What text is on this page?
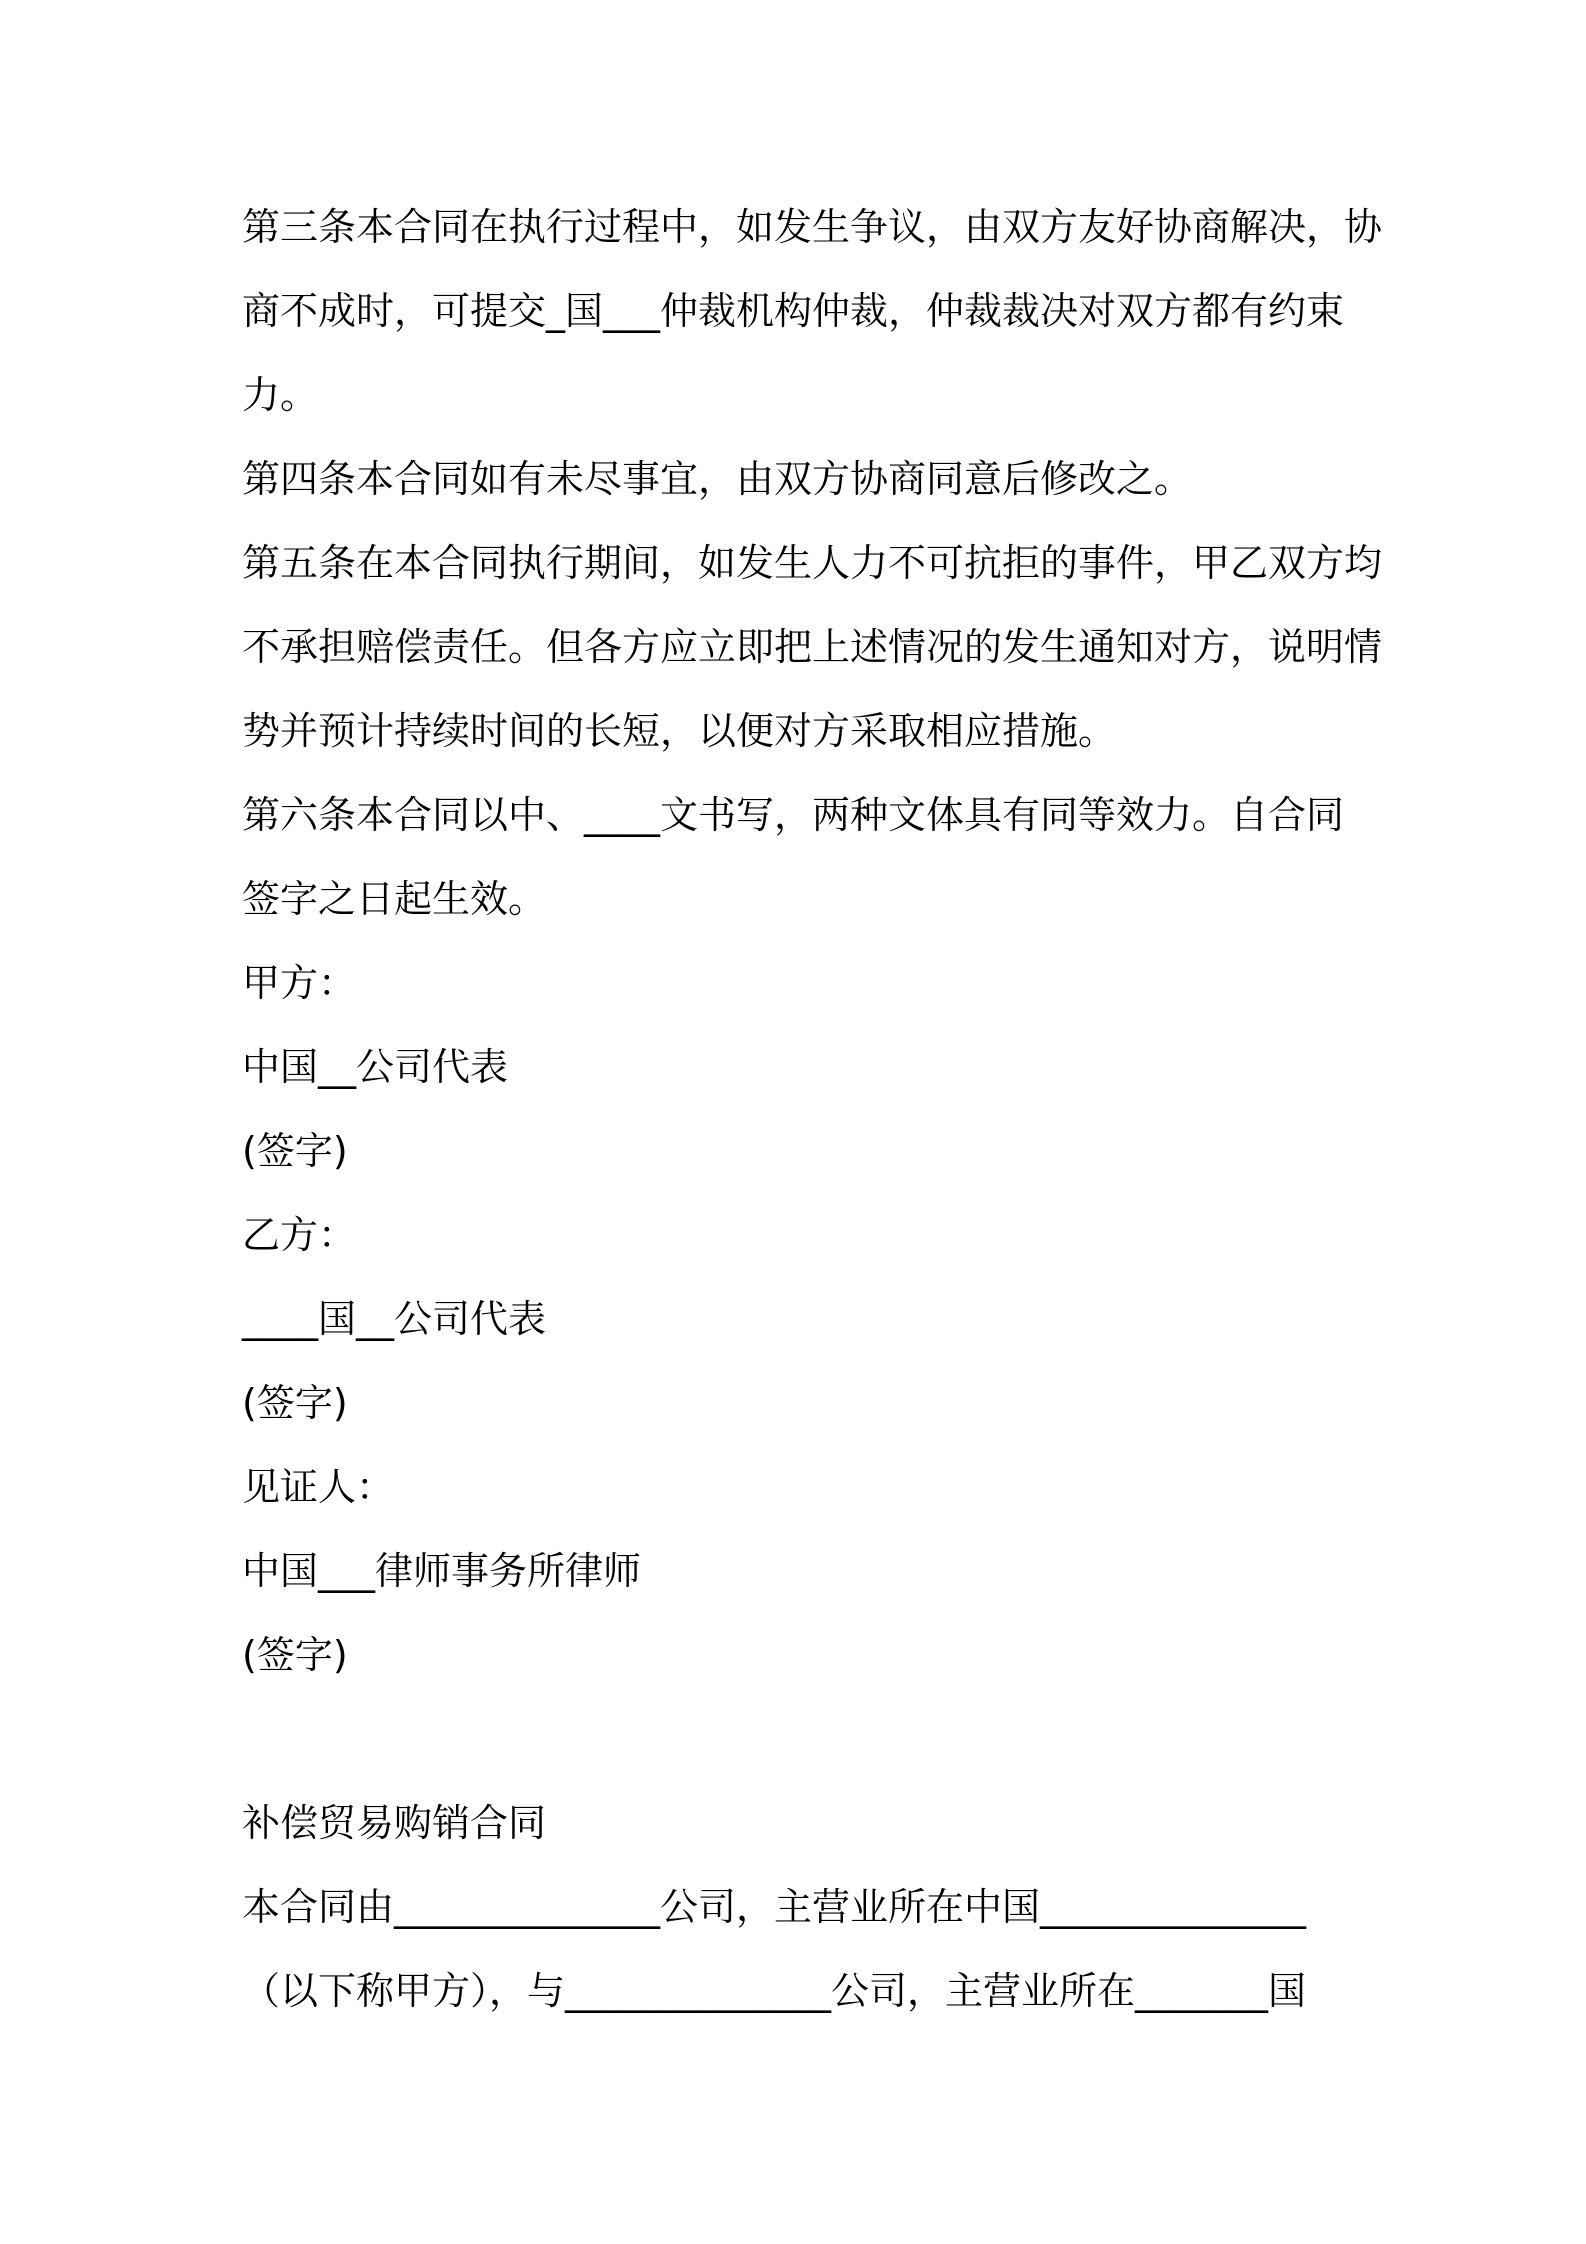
第三条本合同在执行过程中，如发生争议，由双方友好协商解决，协
商不成时，可提交_国___仲裁机构仲裁，仲裁裁决对双方都有约束
力。
第四条本合同如有未尽事宜，由双方协商同意后修改之。
第五条在本合同执行期间，如发生人力不可抗拒的事件，甲乙双方均
不承担赔偿责任。但各方应立即把上述情况的发生通知对方，说明情
势并预计持续时间的长短，以便对方采取相应措施。
第六条本合同以中、____文书写，两种文体具有同等效力。自合同
签字之日起生效。
甲方：
中国__公司代表
(签字)
乙方：
____国__公司代表
(签字)
见证人：
中国___律师事务所律师
(签字)
补偿贸易购销合同
本合同由______________公司，主营业所在中国______________
（以下称甲方），与______________公司，主营业所在_______国
